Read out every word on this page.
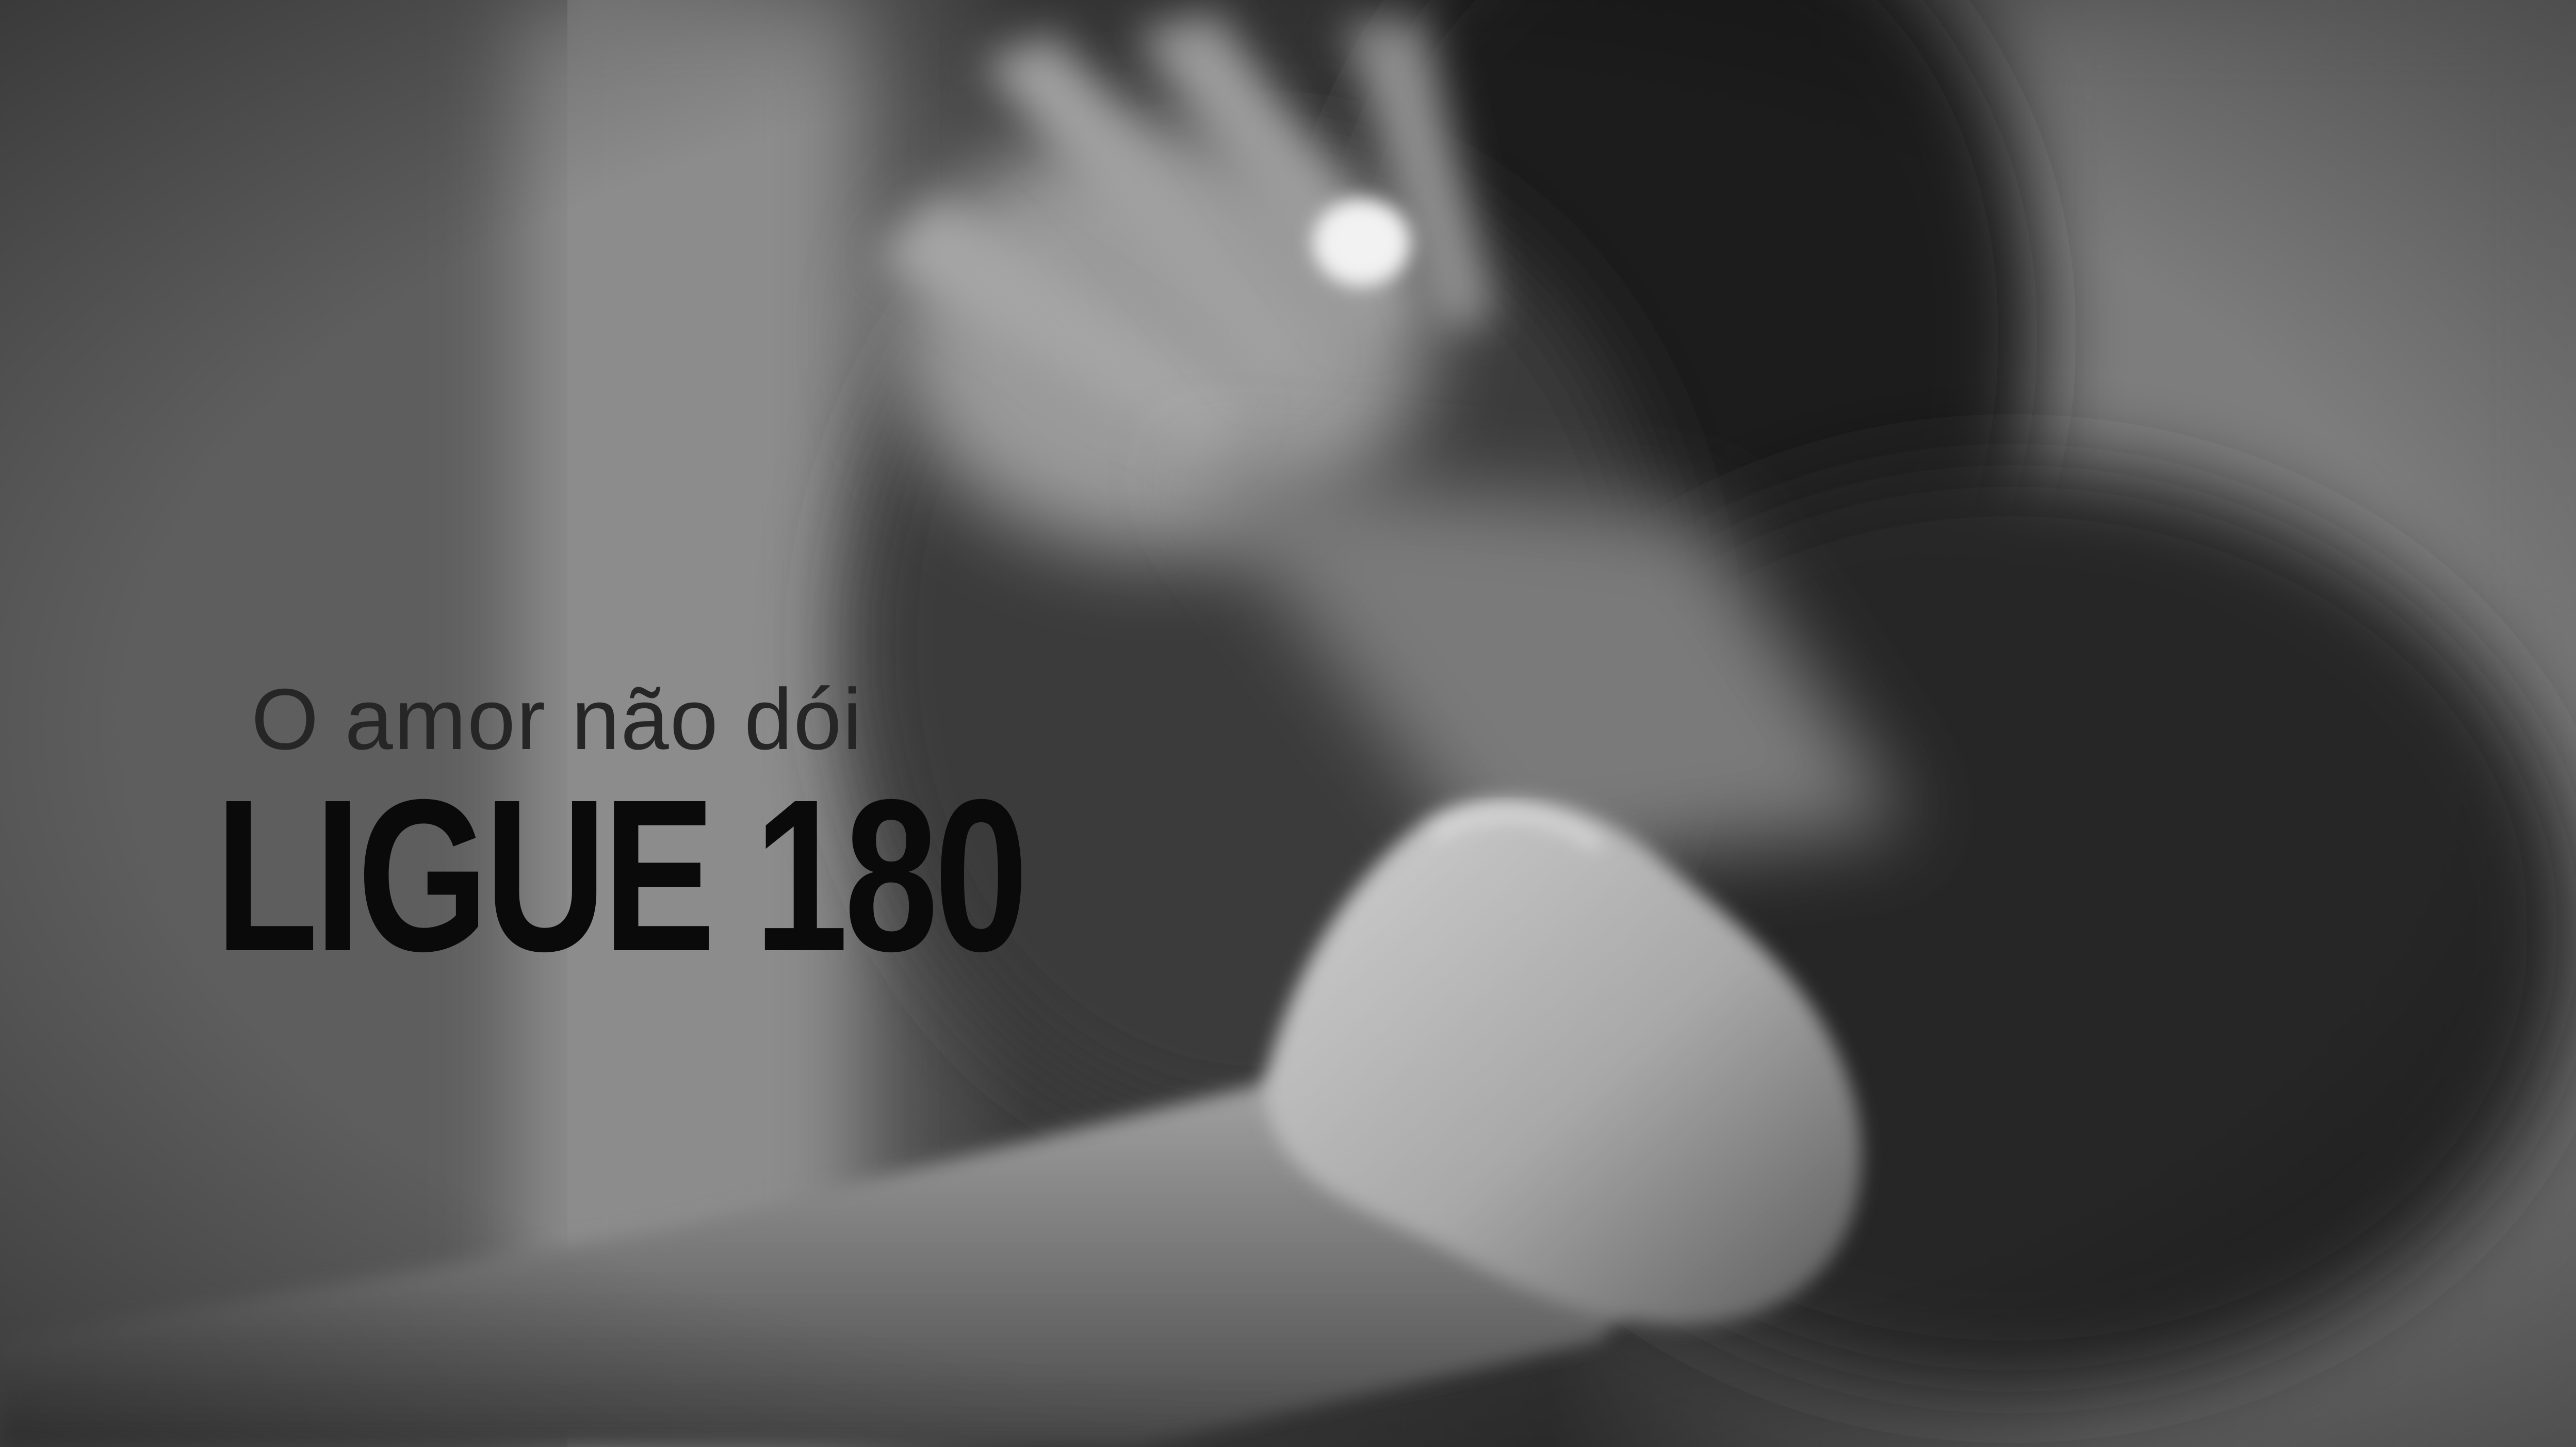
O amor não dói
LIGUE 180
